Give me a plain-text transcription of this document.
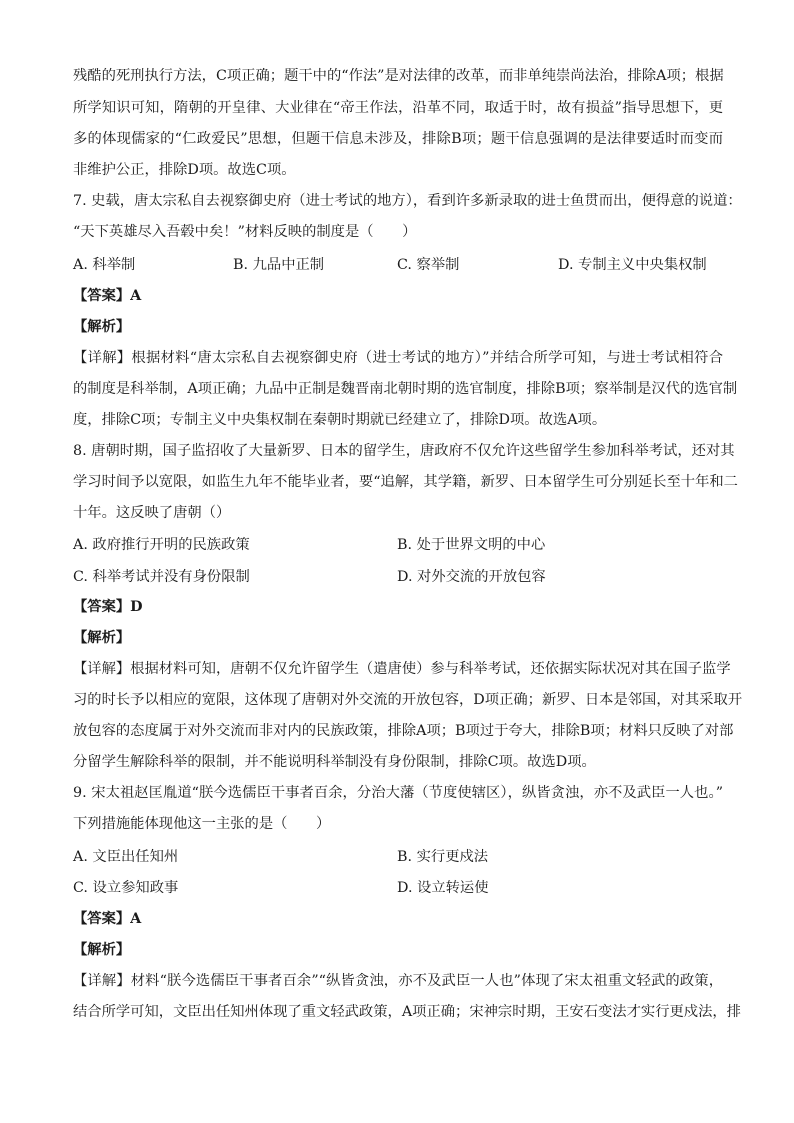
残酷的死刑执行方法，C项正确；题干中的“作法”是对法律的改革，而非单纯崇尚法治，排除A项；根据
所学知识可知，隋朝的开皇律、大业律在“帝王作法，沿革不同，取适于时，故有损益”指导思想下，更
多的体现儒家的“仁政爱民”思想，但题干信息未涉及，排除B项；题干信息强调的是法律要适时而变而
非维护公正，排除D项。故选C项。
7. 史载，唐太宗私自去视察御史府（进士考试的地方），看到许多新录取的进士鱼贯而出，便得意的说道：
“天下英雄尽入吾毂中矣！”材料反映的制度是（　　）
A. 科举制	B. 九品中正制	C. 察举制	D. 专制主义中央集权制
【答案】A
【解析】
【详解】根据材料“唐太宗私自去视察御史府（进士考试的地方）”并结合所学可知，与进士考试相符合
的制度是科举制，A项正确；九品中正制是魏晋南北朝时期的选官制度，排除B项；察举制是汉代的选官制
度，排除C项；专制主义中央集权制在秦朝时期就已经建立了，排除D项。故选A项。
8. 唐朝时期，国子监招收了大量新罗、日本的留学生，唐政府不仅允许这些留学生参加科举考试，还对其
学习时间予以宽限，如监生九年不能毕业者，要“追解，其学籍，新罗、日本留学生可分别延长至十年和二
十年。这反映了唐朝（）
A. 政府推行开明的民族政策	B. 处于世界文明的中心
C. 科举考试并没有身份限制	D. 对外交流的开放包容
【答案】D
【解析】
【详解】根据材料可知，唐朝不仅允许留学生（遣唐使）参与科举考试，还依据实际状况对其在国子监学
习的时长予以相应的宽限，这体现了唐朝对外交流的开放包容，D项正确；新罗、日本是邻国，对其采取开
放包容的态度属于对外交流而非对内的民族政策，排除A项；B项过于夸大，排除B项；材料只反映了对部
分留学生解除科举的限制，并不能说明科举制没有身份限制，排除C项。故选D项。
9. 宋太祖赵匡胤道“朕今选儒臣干事者百余，分治大藩（节度使辖区），纵皆贪浊，亦不及武臣一人也。”
下列措施能体现他这一主张的是（　　）
A. 文臣出任知州	B. 实行更戍法
C. 设立参知政事	D. 设立转运使
【答案】A
【解析】
【详解】材料“朕今选儒臣干事者百余”“纵皆贪浊，亦不及武臣一人也”体现了宋太祖重文轻武的政策，
结合所学可知，文臣出任知州体现了重文轻武政策，A项正确；宋神宗时期，王安石变法才实行更戍法，排
